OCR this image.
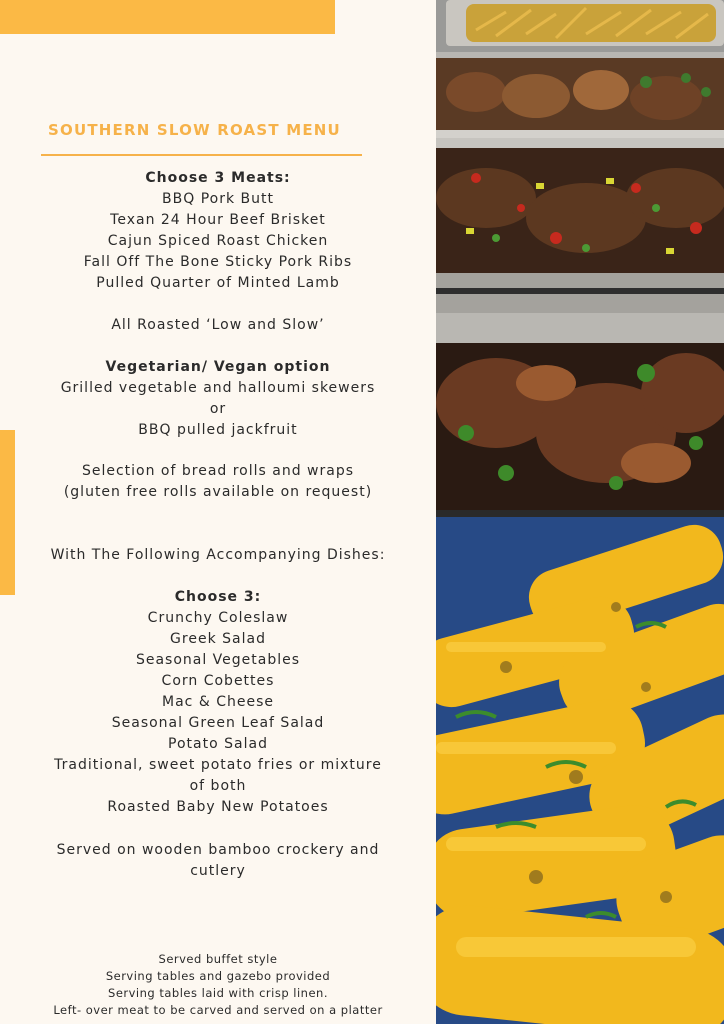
SOUTHERN SLOW ROAST MENU
Choose 3 Meats:
BBQ Pork Butt
Texan 24 Hour Beef Brisket
Cajun Spiced Roast Chicken
Fall Off The Bone Sticky Pork Ribs
Pulled Quarter of Minted Lamb
All Roasted ‘Low and Slow’
Vegetarian/ Vegan option
Grilled vegetable and halloumi skewers
or
BBQ pulled jackfruit
Selection of bread rolls and wraps
(gluten free rolls available on request)
With The Following Accompanying Dishes:
Choose 3:
Crunchy Coleslaw
Greek Salad
Seasonal Vegetables
Corn Cobettes
Mac & Cheese
Seasonal Green Leaf Salad
Potato Salad
Traditional, sweet potato fries or mixture
of both
Roasted Baby New Potatoes
Served on wooden bamboo crockery and
cutlery
Served buffet style
Serving tables and gazebo provided
Serving tables laid with crisp linen.
Left- over meat to be carved and served on a platter
